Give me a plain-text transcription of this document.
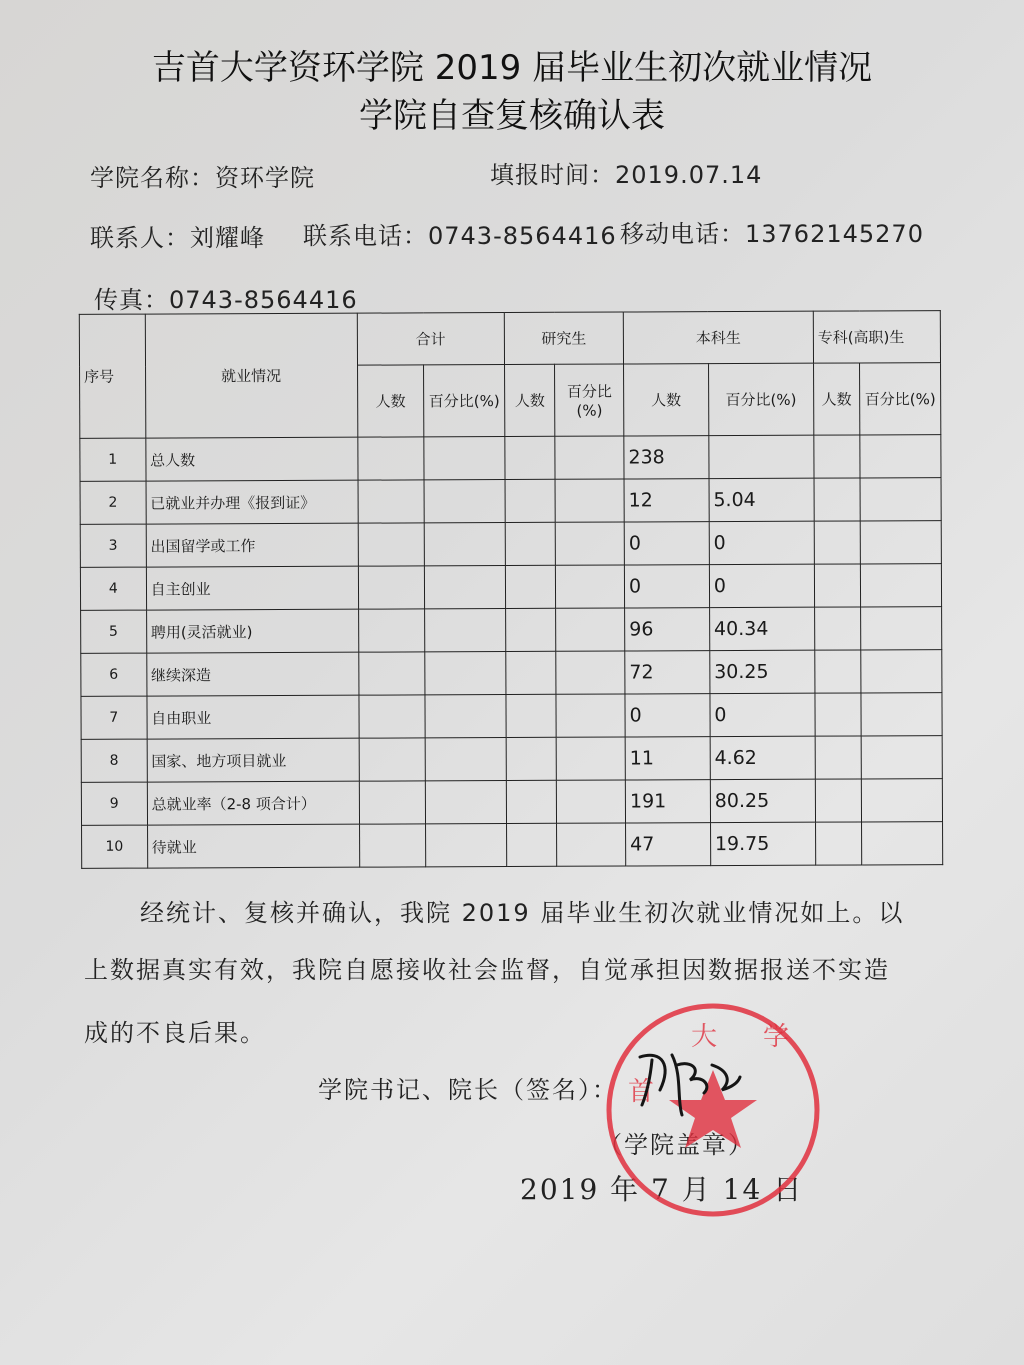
吉首大学资环学院 2019 届毕业生初次就业情况
学院自查复核确认表
学院名称：资环学院	填报时间：2019.07.14
联系人：刘耀峰 联系电话：0743-8564416 移动电话：13762145270
传真：0743-8564416
序号	就业情况	合计		研究生		本科生		专科(高职)生	
		人数	百分比(%)	人数	百分比(%)	人数	百分比(%)	人数	百分比(%)
1	总人数					238			
2	已就业并办理《报到证》					12	5.04		
3	出国留学或工作					0	0		
4	自主创业					0	0		
5	聘用(灵活就业)					96	40.34		
6	继续深造					72	30.25		
7	自由职业					0	0		
8	国家、地方项目就业					11	4.62		
9	总就业率（2-8 项合计）					191	80.25		
10	待就业					47	19.75		
经统计、复核并确认，我院 2019 届毕业生初次就业情况如上。以
上数据真实有效，我院自愿接收社会监督，自觉承担因数据报送不实造
成的不良后果。
学院书记、院长（签名）：
（学院盖章）
2019 年 7 月 14 日
大 学
首
